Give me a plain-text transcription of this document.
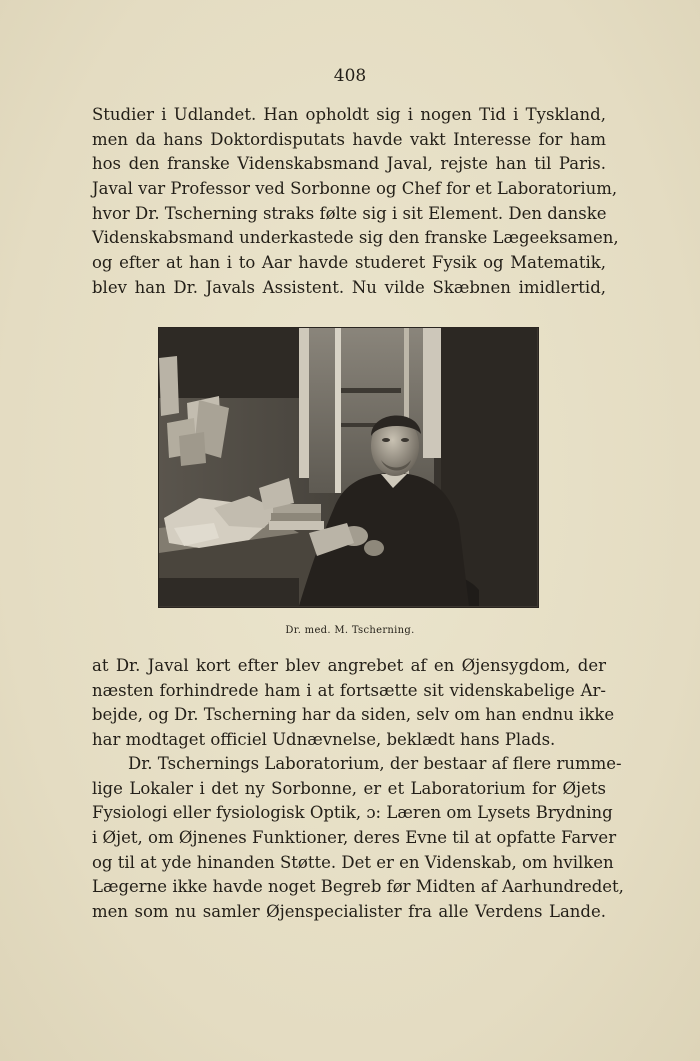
408

Studier i Udlandet. Han opholdt sig i nogen Tid i Tyskland,
men da hans Doktordisputats havde vakt Interesse for ham
hos den franske Videnskabsmand Javal, rejste han til Paris.
Javal var Professor ved Sorbonne og Chef for et Laboratorium,
hvor Dr. Tscherning straks følte sig i sit Element. Den danske
Videnskabsmand underkastede sig den franske Lægeeksamen,
og efter at han i to Aar havde studeret Fysik og Matematik,
blev han Dr. Javals Assistent. Nu vilde Skæbnen imidlertid,

Dr. med. M. Tscherning.

at Dr. Javal kort efter blev angrebet af en Øjensygdom, der
næsten forhindrede ham i at fortsætte sit videnskabelige Ar-
bejde, og Dr. Tscherning har da siden, selv om han endnu ikke
har modtaget officiel Udnævnelse, beklædt hans Plads.

Dr. Tschernings Laboratorium, der bestaar af flere rumme-
lige Lokaler i det ny Sorbonne, er et Laboratorium for Øjets
Fysiologi eller fysiologisk Optik, ɔ: Læren om Lysets Brydning
i Øjet, om Øjnenes Funktioner, deres Evne til at opfatte Farver
og til at yde hinanden Støtte. Det er en Videnskab, om hvilken
Lægerne ikke havde noget Begreb før Midten af Aarhundredet,
men som nu samler Øjenspecialister fra alle Verdens Lande.
